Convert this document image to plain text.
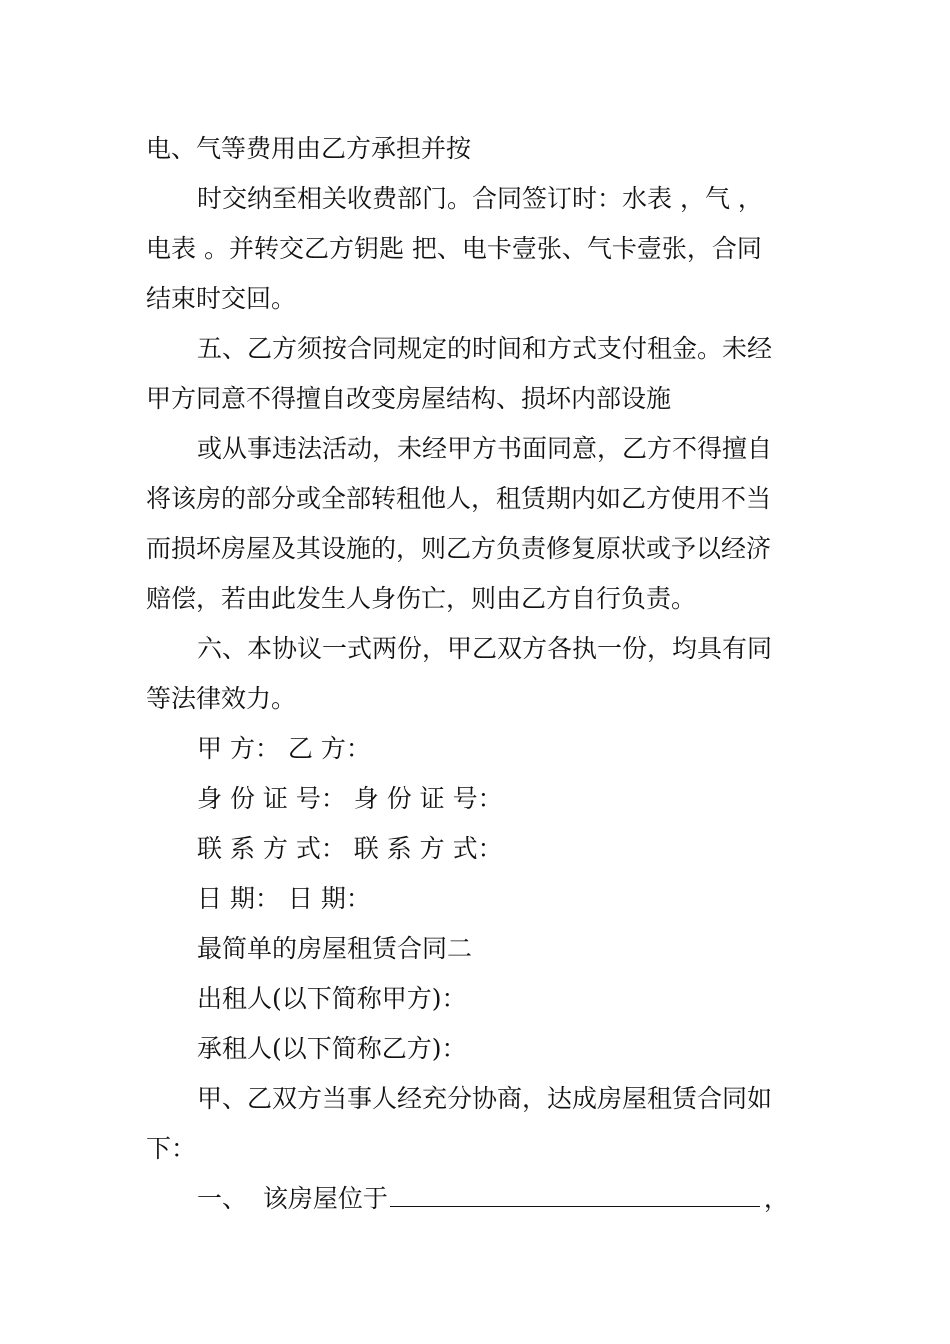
电、气等费用由乙方承担并按

时交纳至相关收费部门。合同签订时：水表 ，气 ，

电表 。并转交乙方钥匙 把、电卡壹张、气卡壹张，合同

结束时交回。

五、乙方须按合同规定的时间和方式支付租金。未经

甲方同意不得擅自改变房屋结构、损坏内部设施

或从事违法活动，未经甲方书面同意，乙方不得擅自

将该房的部分或全部转租他人，租赁期内如乙方使用不当

而损坏房屋及其设施的，则乙方负责修复原状或予以经济

赔偿，若由此发生人身伤亡，则由乙方自行负责。

六、本协议一式两份，甲乙双方各执一份，均具有同

等法律效力。

甲 方： 乙 方：

身 份 证 号： 身 份 证 号：

联 系 方 式： 联 系 方 式：

日 期： 日 期：

最简单的房屋租赁合同二

出租人(以下简称甲方)：

承租人(以下简称乙方)：

甲、乙双方当事人经充分协商，达成房屋租赁合同如

下：

一、  该房屋位于	，
